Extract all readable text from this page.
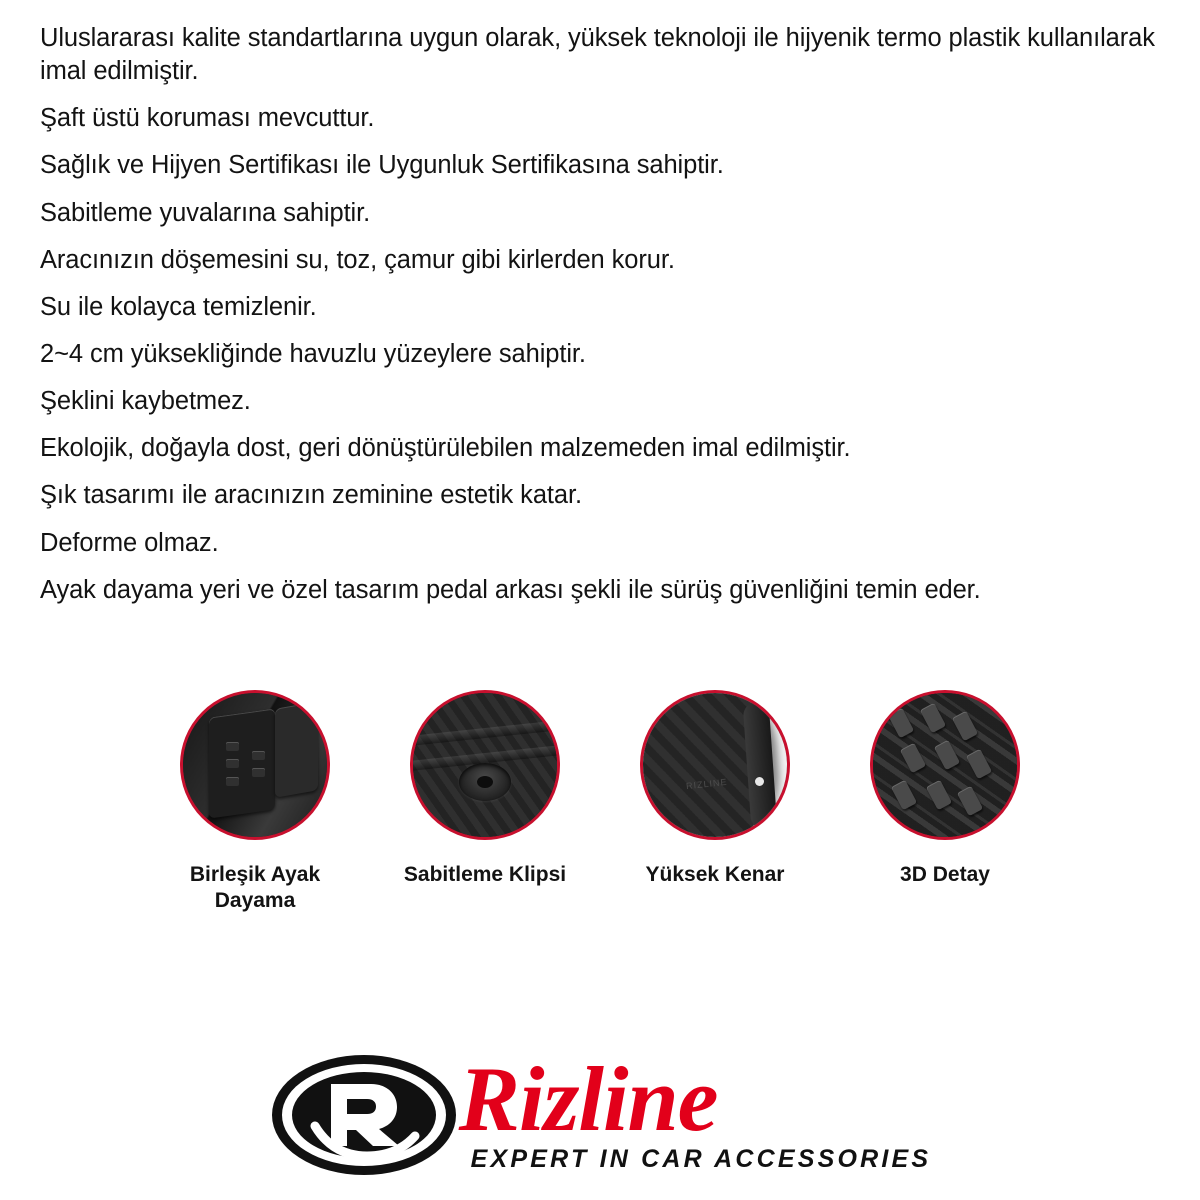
Uluslararası kalite standartlarına uygun olarak, yüksek teknoloji ile hijyenik termo plastik kullanılarak imal edilmiştir.

Şaft üstü koruması mevcuttur.

Sağlık ve Hijyen Sertifikası ile Uygunluk Sertifikasına sahiptir.

Sabitleme yuvalarına sahiptir.

Aracınızın döşemesini su, toz, çamur gibi kirlerden korur.

Su ile kolayca temizlenir.

2~4 cm yüksekliğinde havuzlu yüzeylere sahiptir.

Şeklini kaybetmez.

Ekolojik, doğayla dost, geri dönüştürülebilen malzemeden imal edilmiştir.

Şık tasarımı ile aracınızın zeminine estetik katar.

Deforme olmaz.

Ayak dayama yeri ve özel tasarım pedal arkası şekli ile sürüş güvenliğini temin eder.

Birleşik Ayak Dayama
Sabitleme Klipsi
RIZLINE
Yüksek Kenar	3D Detay
Rizline
EXPERT IN CAR ACCESSORIES
